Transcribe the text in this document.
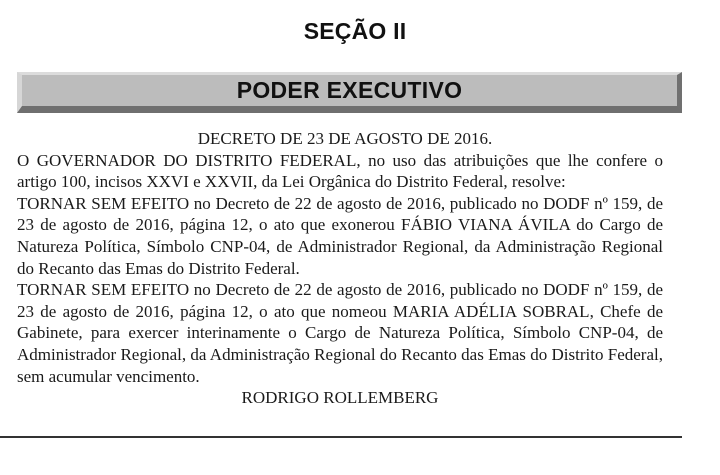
SEÇÃO II
PODER EXECUTIVO

DECRETO DE 23 DE AGOSTO DE 2016.

O GOVERNADOR DO DISTRITO FEDERAL, no uso das atribuições que lhe confere o artigo 100, incisos XXVI e XXVII, da Lei Orgânica do Distrito Federal, resolve:

TORNAR SEM EFEITO no Decreto de 22 de agosto de 2016, publicado no DODF nº 159, de 23 de agosto de 2016, página 12, o ato que exonerou FÁBIO VIANA ÁVILA do Cargo de Natureza Política, Símbolo CNP-04, de Administrador Regional, da Administração Regional do Recanto das Emas do Distrito Federal.

TORNAR SEM EFEITO no Decreto de 22 de agosto de 2016, publicado no DODF nº 159, de 23 de agosto de 2016, página 12, o ato que nomeou MARIA ADÉLIA SOBRAL, Chefe de Gabinete, para exercer interinamente o Cargo de Natureza Política, Símbolo CNP-04, de Administrador Regional, da Administração Regional do Recanto das Emas do Distrito Federal, sem acumular vencimento.

RODRIGO ROLLEMBERG
